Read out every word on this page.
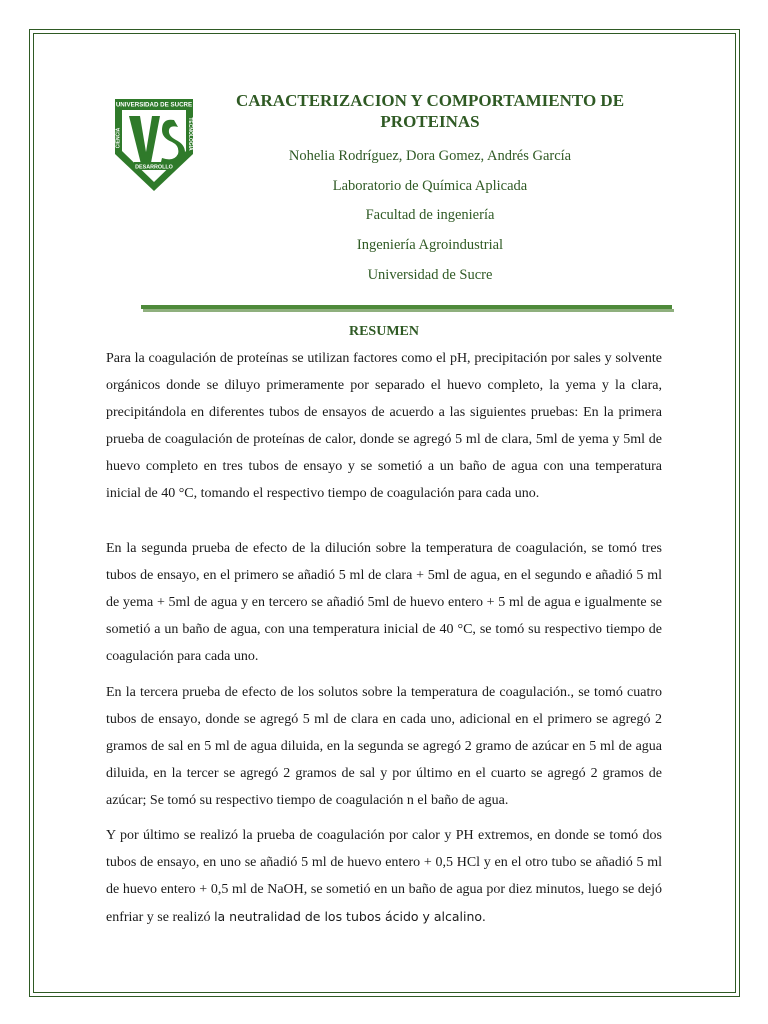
UNIVERSIDAD DE SUCRE
CIENCIA	TECNOLOGIA
DESARROLLO
CARACTERIZACION Y COMPORTAMIENTO DE PROTEINAS
Nohelia Rodríguez, Dora Gomez, Andrés García
Laboratorio de Química Aplicada
Facultad de ingeniería
Ingeniería Agroindustrial
Universidad de Sucre
RESUMEN

Para la coagulación de proteínas se utilizan factores como el pH, precipitación por sales y solvente orgánicos donde se diluyo primeramente por separado el huevo completo, la yema y la clara, precipitándola en diferentes tubos de ensayos de acuerdo a las siguientes pruebas: En la primera prueba de coagulación de proteínas de calor, donde se agregó 5 ml de clara, 5ml de yema y 5ml de huevo completo en tres tubos de ensayo y se sometió a un baño de agua con una temperatura inicial de 40 °C, tomando el respectivo tiempo de coagulación para cada uno.

En la segunda prueba de efecto de la dilución sobre la temperatura de coagulación, se tomó tres tubos de ensayo, en el primero se añadió 5 ml de clara + 5ml de agua, en el segundo e añadió 5 ml de yema + 5ml de agua y en tercero se añadió 5ml de huevo entero + 5 ml de agua e igualmente se sometió a un baño de agua, con una temperatura inicial de 40 °C, se tomó su respectivo tiempo de coagulación para cada uno.

En la tercera prueba de efecto de los solutos sobre la temperatura de coagulación., se tomó cuatro tubos de ensayo, donde se agregó 5 ml de clara en cada uno, adicional en el primero se agregó 2 gramos de sal en 5 ml de agua diluida, en la segunda se agregó 2 gramo de azúcar en 5 ml de agua diluida, en la tercer se agregó 2 gramos de sal y por último en el cuarto se agregó 2 gramos de azúcar; Se tomó su respectivo tiempo de coagulación n el baño de agua.

Y por último se realizó la prueba de coagulación por calor y PH extremos, en donde se tomó dos tubos de ensayo, en uno se añadió 5 ml de huevo entero + 0,5 HCl y en el otro tubo se añadió 5 ml de huevo entero + 0,5 ml de NaOH, se sometió en un baño de agua por diez minutos, luego se dejó enfriar y se realizó la neutralidad de los tubos ácido y alcalino.
